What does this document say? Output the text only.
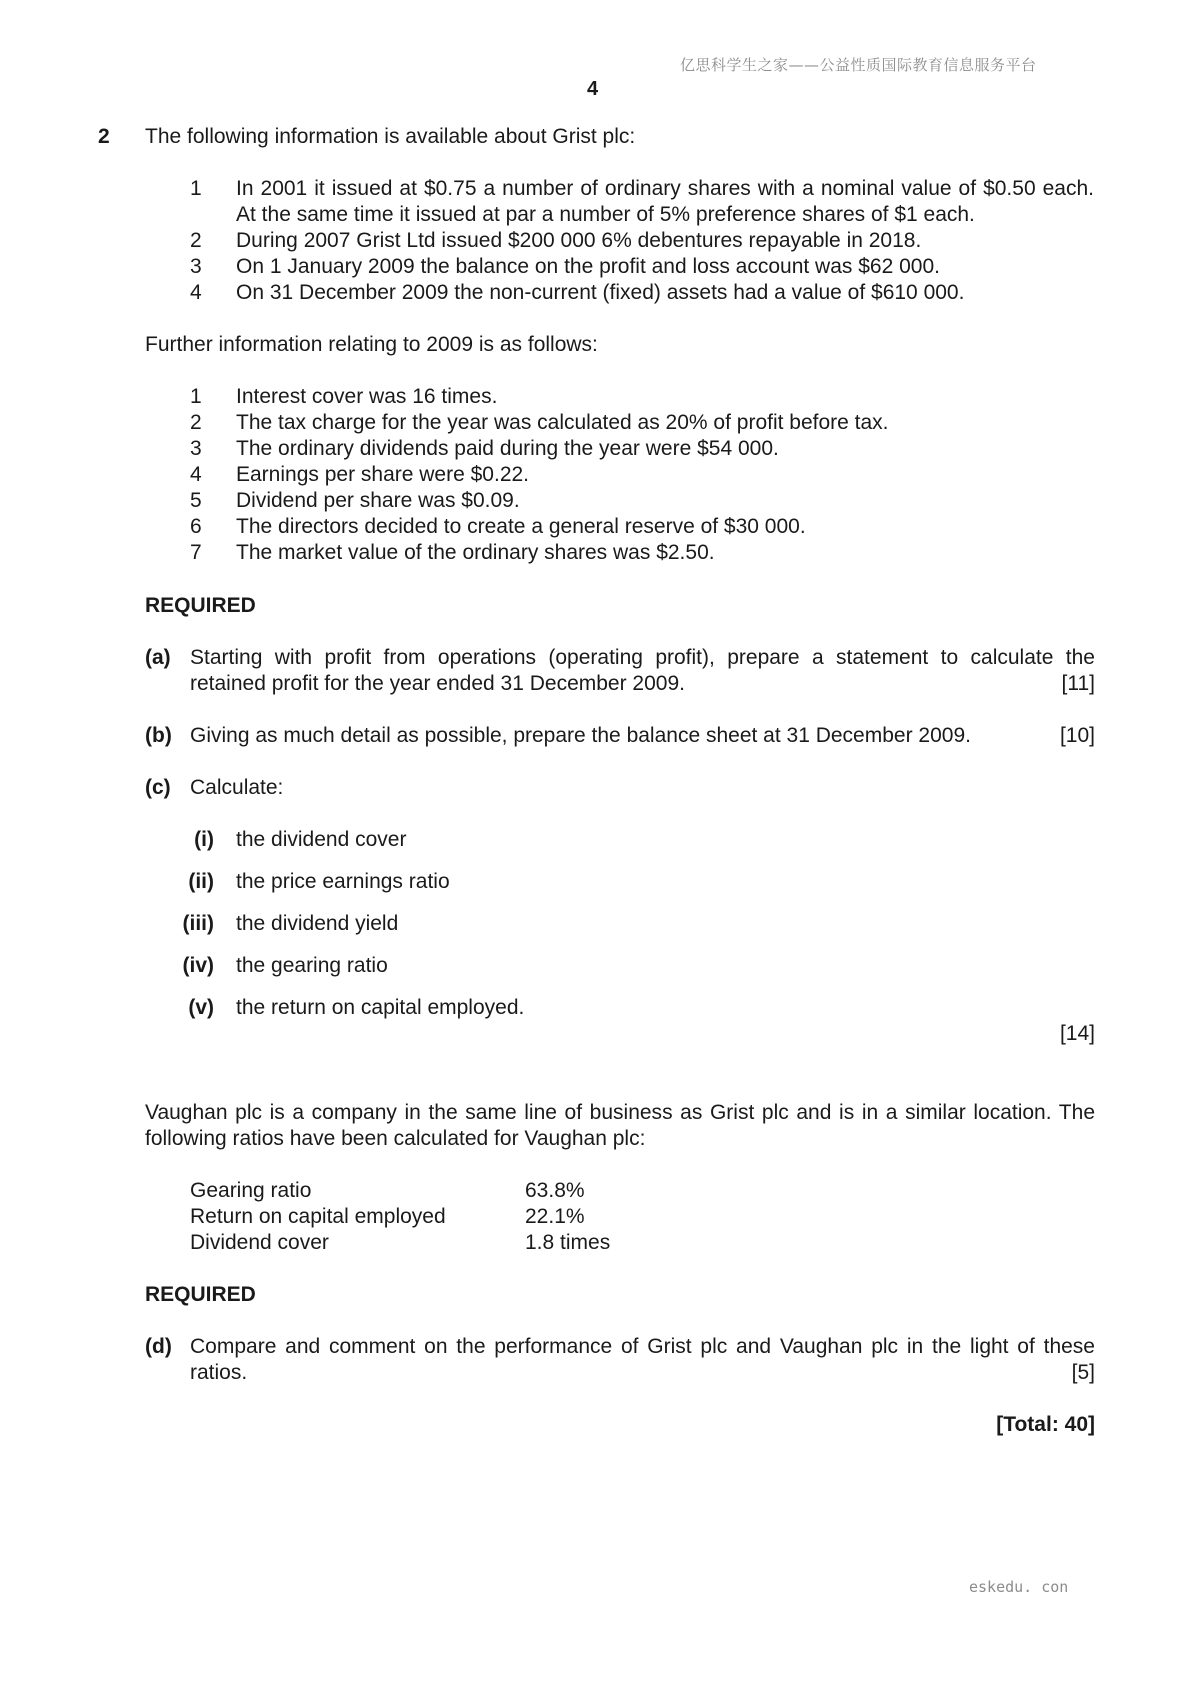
亿思科学生之家——公益性质国际教育信息服务平台
4
2 The following information is available about Grist plc:
1	In 2001 it issued at $0.75 a number of ordinary shares with a nominal value of $0.50 each. At the same time it issued at par a number of 5% preference shares of $1 each.
2	During 2007 Grist Ltd issued $200 000 6% debentures repayable in 2018.
3	On 1 January 2009 the balance on the profit and loss account was $62 000.
4	On 31 December 2009 the non-current (fixed) assets had a value of $610 000.
Further information relating to 2009 is as follows:
1	Interest cover was 16 times.
2	The tax charge for the year was calculated as 20% of profit before tax.
3	The ordinary dividends paid during the year were $54 000.
4	Earnings per share were $0.22.
5	Dividend per share was $0.09.
6	The directors decided to create a general reserve of $30 000.
7	The market value of the ordinary shares was $2.50.
REQUIRED
(a) Starting with profit from operations (operating profit), prepare a statement to calculate the
retained profit for the year ended 31 December 2009.	[11]
(b) Giving as much detail as possible, prepare the balance sheet at 31 December 2009.	[10]
(c) Calculate:
(i)	the dividend cover
(ii)	the price earnings ratio
(iii)	the dividend yield
(iv)	the gearing ratio
(v)	the return on capital employed.
[14]
Vaughan plc is a company in the same line of business as Grist plc and is in a similar location. The following ratios have been calculated for Vaughan plc:
Gearing ratio	63.8%
Return on capital employed	22.1%
Dividend cover	1.8 times
REQUIRED
(d) Compare and comment on the performance of Grist plc and Vaughan plc in the light of these
ratios.	[5]
[Total: 40]
eskedu. con
